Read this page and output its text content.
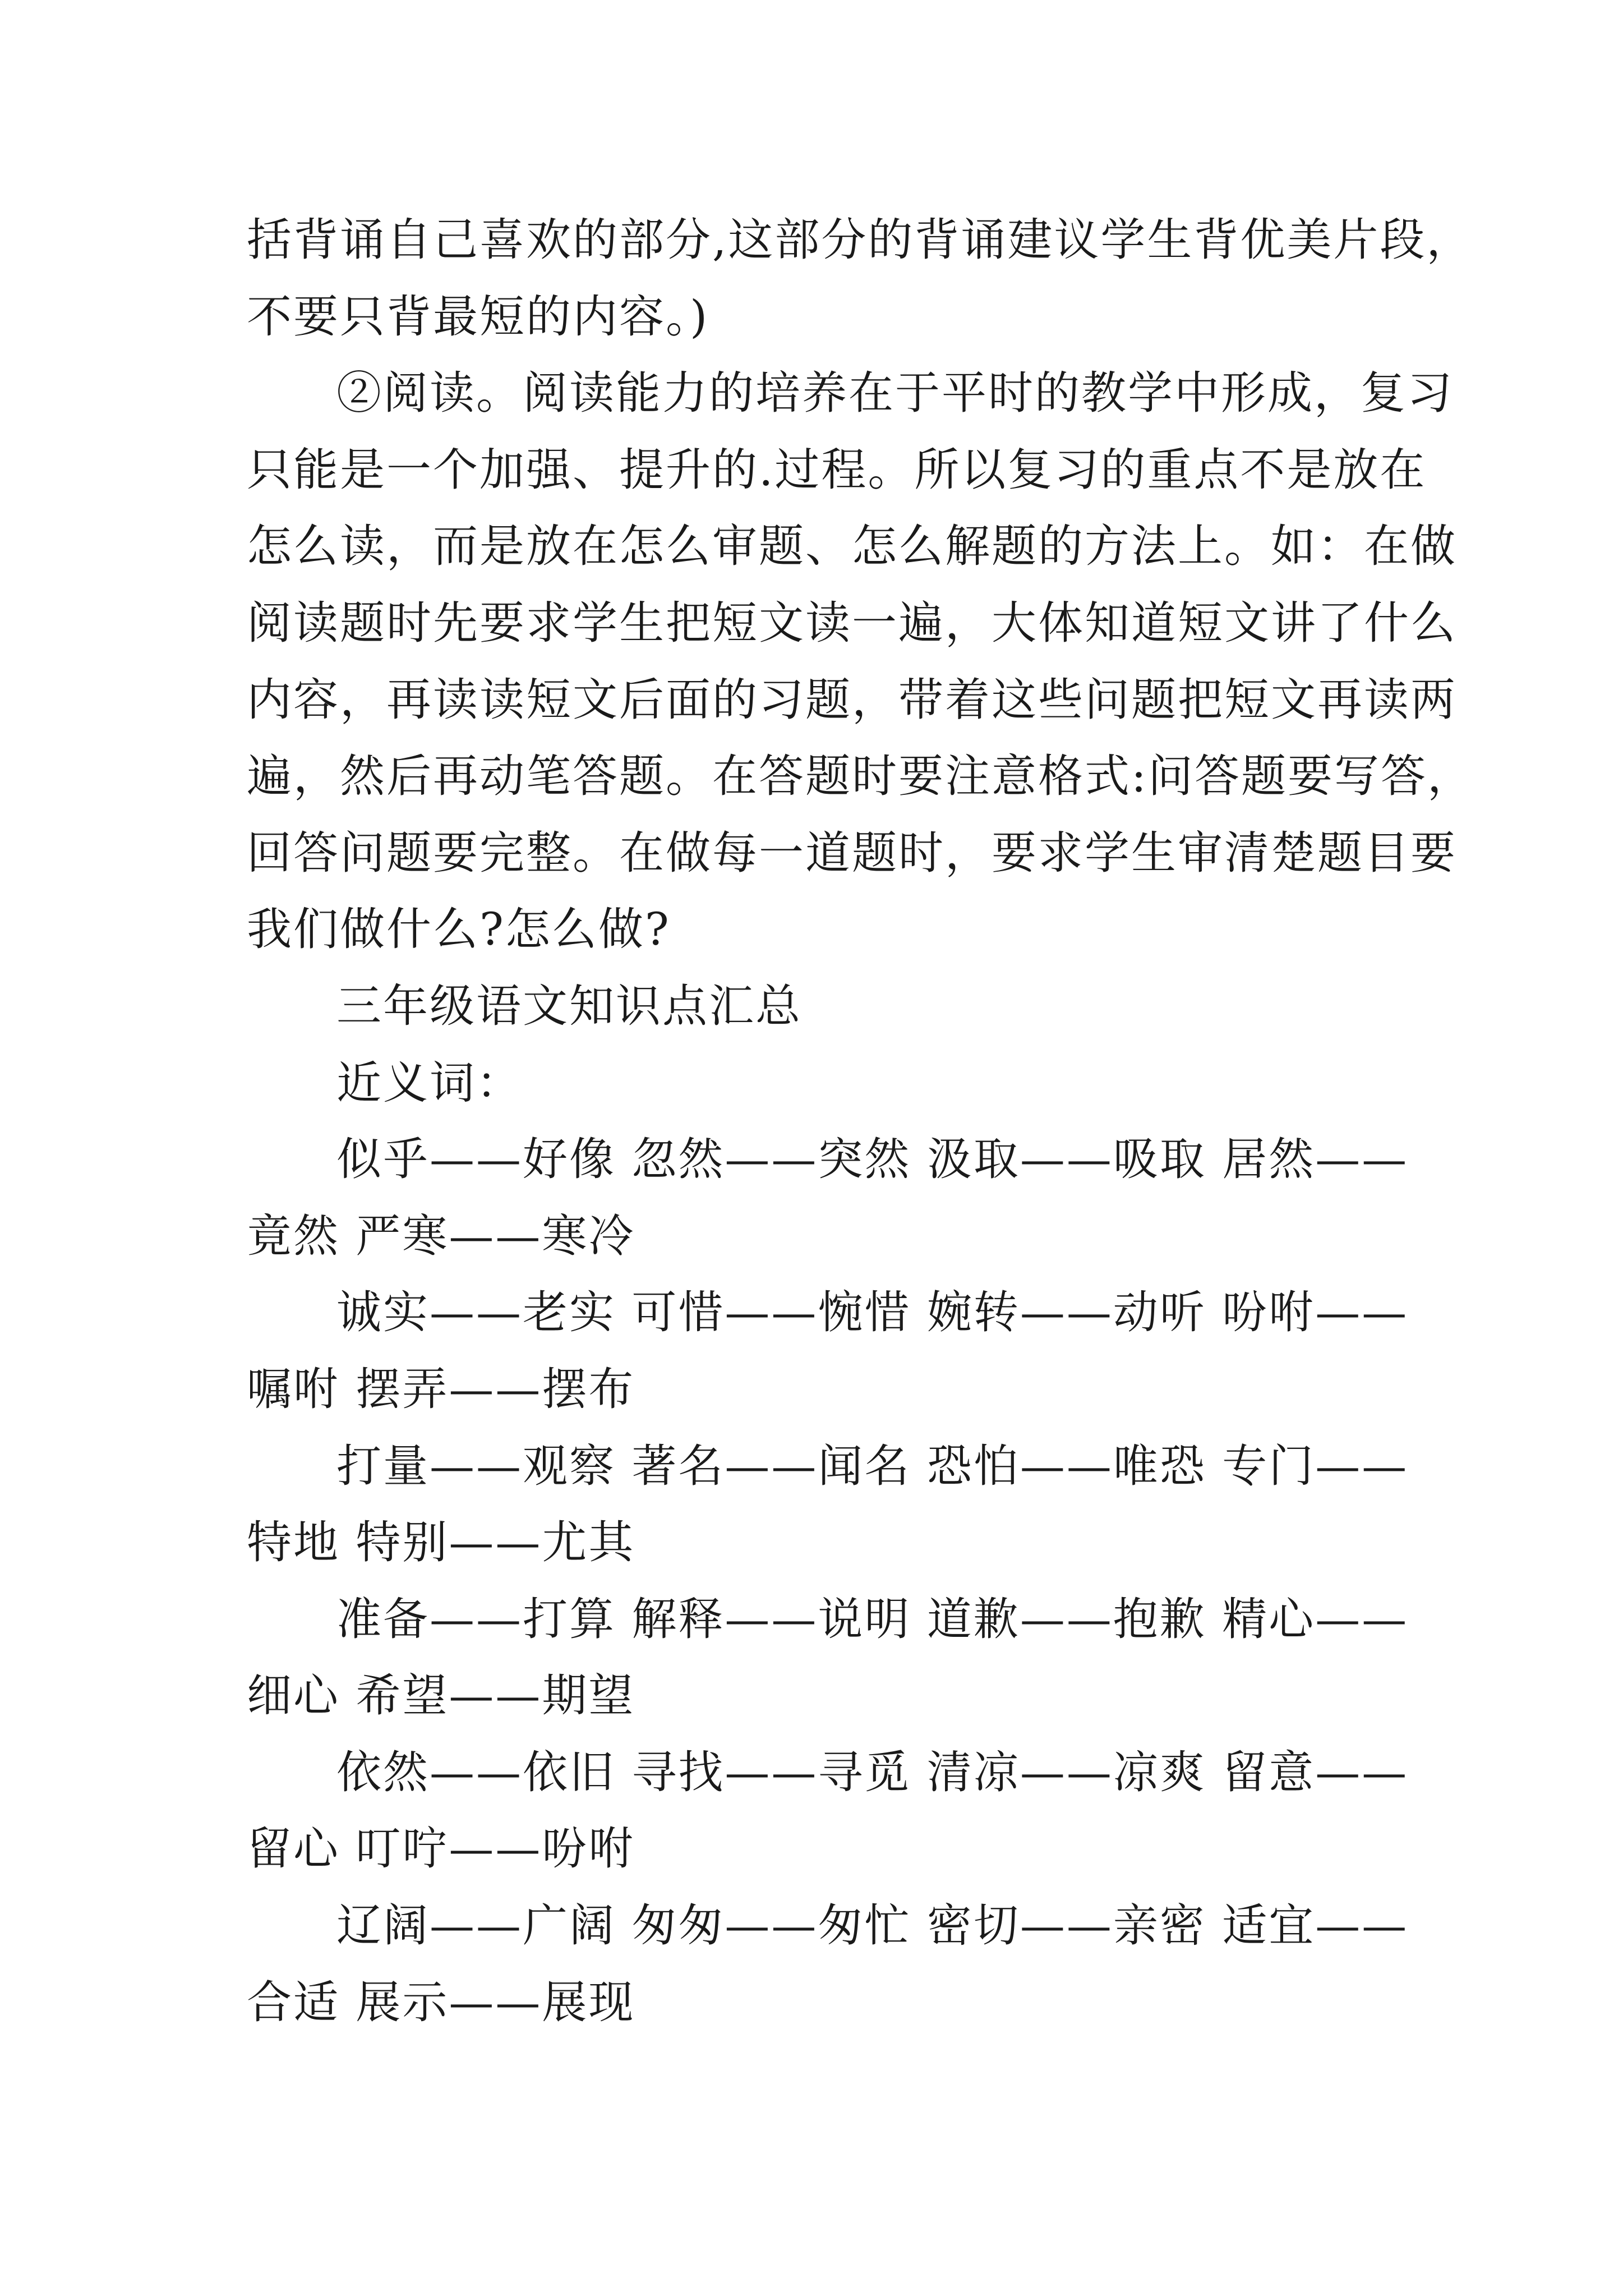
括背诵自己喜欢的部分,这部分的背诵建议学生背优美片段，
不要只背最短的内容。)
②阅读。阅读能力的培养在于平时的教学中形成，复习
只能是一个加强、提升的.过程。所以复习的重点不是放在
怎么读，而是放在怎么审题、怎么解题的方法上。如：在做
阅读题时先要求学生把短文读一遍，大体知道短文讲了什么
内容，再读读短文后面的习题，带着这些问题把短文再读两
遍，然后再动笔答题。在答题时要注意格式:问答题要写答，
回答问题要完整。在做每一道题时，要求学生审清楚题目要
我们做什么?怎么做?
三年级语文知识点汇总
近义词：
似乎——好像 忽然——突然 汲取——吸取 居然——
竟然 严寒——寒冷
诚实——老实 可惜——惋惜 婉转——动听 吩咐——
嘱咐 摆弄——摆布
打量——观察 著名——闻名 恐怕——唯恐 专门——
特地 特别——尤其
准备——打算 解释——说明 道歉——抱歉 精心——
细心 希望——期望
依然——依旧 寻找——寻觅 清凉——凉爽 留意——
留心 叮咛——吩咐
辽阔——广阔 匆匆——匆忙 密切——亲密 适宜——
合适 展示——展现
